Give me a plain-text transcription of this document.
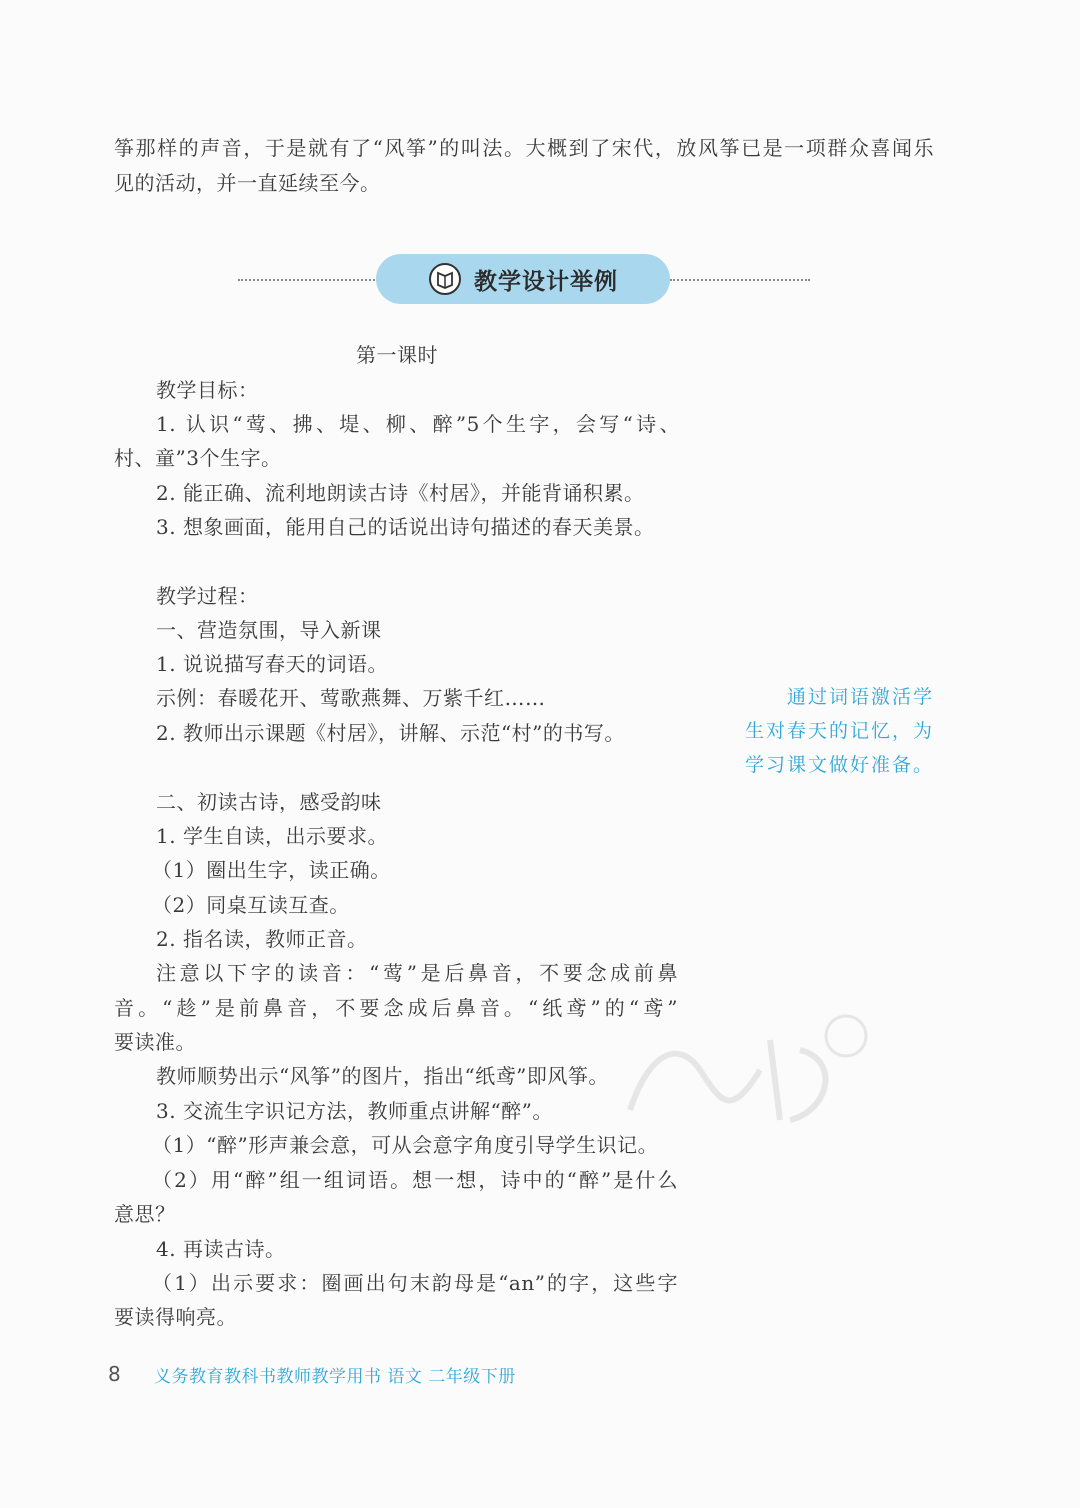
筝那样的声音，于是就有了“风筝”的叫法。大概到了宋代，放风筝已是一项群众喜闻乐
见的活动，并一直延续至今。
教学设计举例
第一课时
教学目标：
1. 认识“莺、拂、堤、柳、醉”5个生字，会写“诗、
村、童”3个生字。
2. 能正确、流利地朗读古诗《村居》，并能背诵积累。
3. 想象画面，能用自己的话说出诗句描述的春天美景。
教学过程：
一、营造氛围，导入新课
1. 说说描写春天的词语。
示例：春暖花开、莺歌燕舞、万紫千红……
2. 教师出示课题《村居》，讲解、示范“村”的书写。
二、初读古诗，感受韵味
1. 学生自读，出示要求。
（1）圈出生字，读正确。
（2）同桌互读互查。
2. 指名读，教师正音。
注意以下字的读音：“莺”是后鼻音，不要念成前鼻
音。“趁”是前鼻音，不要念成后鼻音。“纸鸢”的“鸢”
要读准。
教师顺势出示“风筝”的图片，指出“纸鸢”即风筝。
3. 交流生字识记方法，教师重点讲解“醉”。
（1）“醉”形声兼会意，可从会意字角度引导学生识记。
（2）用“醉”组一组词语。想一想，诗中的“醉”是什么
意思？
4. 再读古诗。
（1）出示要求：圈画出句末韵母是“an”的字，这些字
要读得响亮。
通过词语激活学
生对春天的记忆，为
学习课文做好准备。
8 义务教育教科书教师教学用书 语文 二年级下册
